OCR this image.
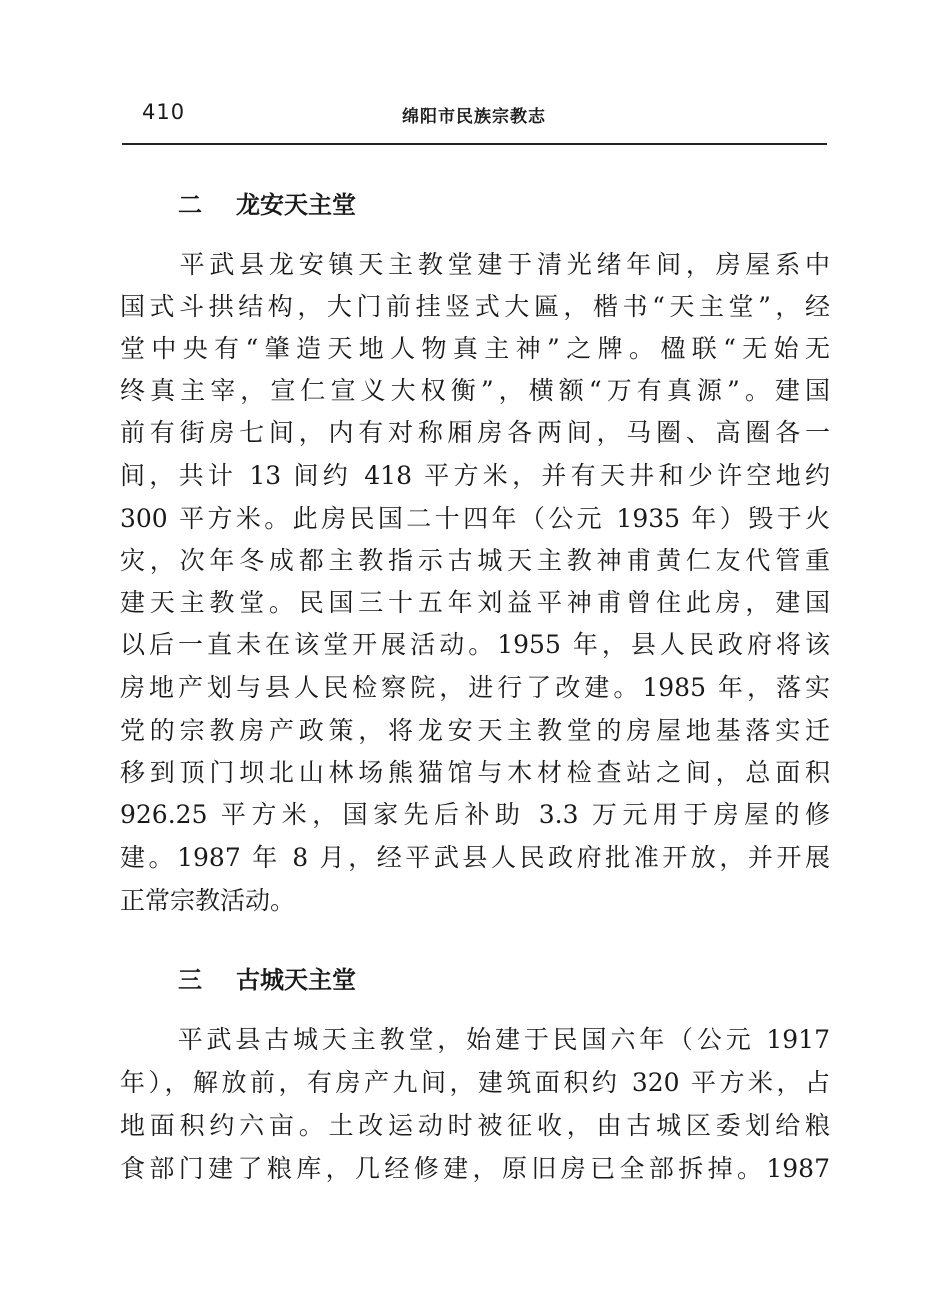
410	绵阳市民族宗教志
二 龙安天主堂
　　平武县龙安镇天主教堂建于清光绪年间，房屋系中
国式斗拱结构，大门前挂竖式大匾，楷书“天主堂”，经
堂中央有“肇造天地人物真主神”之牌。楹联“无始无
终真主宰，宣仁宣义大权衡”，横额“万有真源”。建国
前有街房七间，内有对称厢房各两间，马圈、高圈各一
间，共计 13 间约 418 平方米，并有天井和少许空地约
300 平方米。此房民国二十四年（公元 1935 年）毁于火
灾，次年冬成都主教指示古城天主教神甫黄仁友代管重
建天主教堂。民国三十五年刘益平神甫曾住此房，建国
以后一直未在该堂开展活动。1955 年，县人民政府将该
房地产划与县人民检察院，进行了改建。1985 年，落实
党的宗教房产政策，将龙安天主教堂的房屋地基落实迁
移到顶门坝北山林场熊猫馆与木材检查站之间，总面积
926.25 平方米，国家先后补助 3.3 万元用于房屋的修
建。1987 年 8 月，经平武县人民政府批准开放，并开展
正常宗教活动。
三 古城天主堂
　　平武县古城天主教堂，始建于民国六年（公元 1917
年），解放前，有房产九间，建筑面积约 320 平方米，占
地面积约六亩。土改运动时被征收，由古城区委划给粮
食部门建了粮库，几经修建，原旧房已全部拆掉。1987
